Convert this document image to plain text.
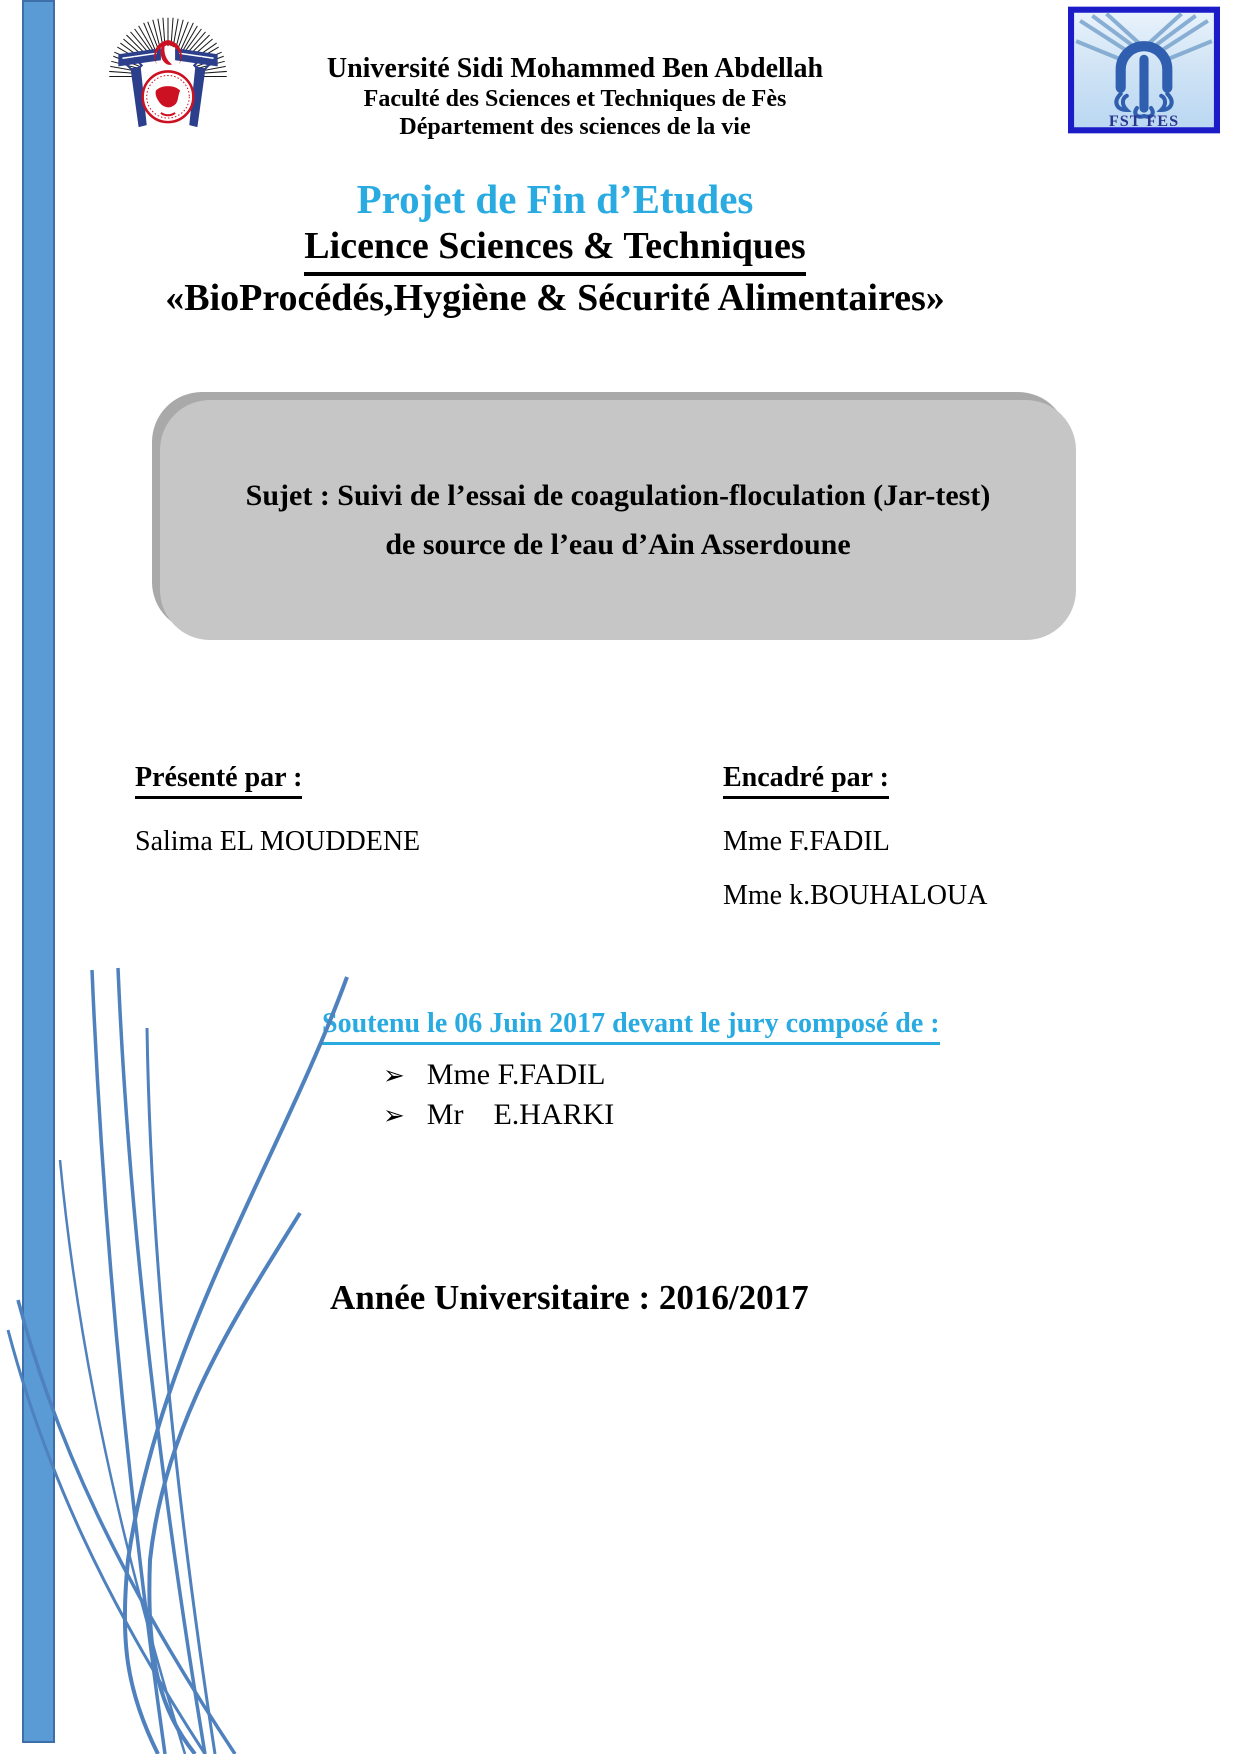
FST FES
Université Sidi Mohammed Ben Abdellah
Faculté des Sciences et Techniques de Fès
Département des sciences de la vie
Projet de Fin d’Etudes
Licence Sciences & Techniques
«BioProcédés,Hygiène & Sécurité Alimentaires»
Sujet : Suivi de l’essai de coagulation-floculation (Jar-test)
de source de l’eau d’Ain Asserdoune
Présenté par :	Encadré par :
Salima EL MOUDDENE	Mme F.FADIL
Mme k.BOUHALOUA
Soutenu le 06 Juin 2017 devant le jury composé de :
➢ Mme F.FADIL
➢ Mr    E.HARKI
Année Universitaire : 2016/2017
